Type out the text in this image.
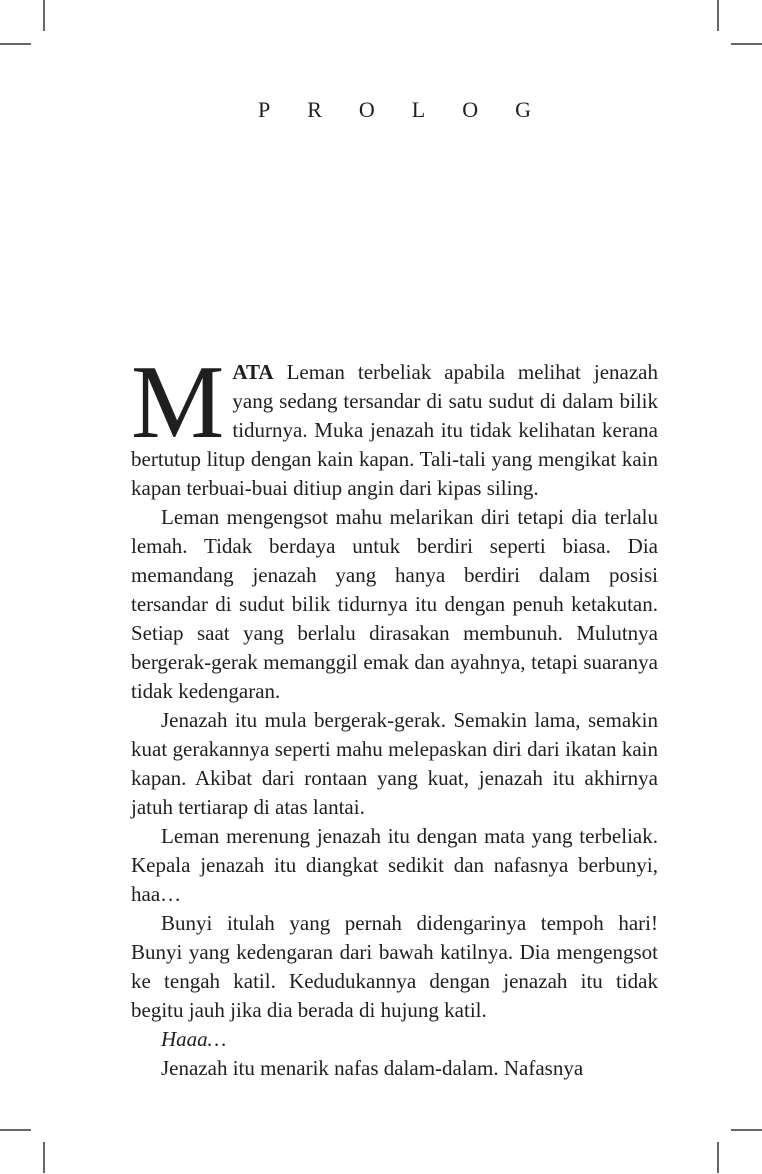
PROLOG

MATA Leman terbeliak apabila melihat jenazah yang sedang tersandar di satu sudut di dalam bilik tidurnya. Muka jenazah itu tidak kelihatan kerana bertutup litup dengan kain kapan. Tali-tali yang mengikat kain kapan terbuai-buai ditiup angin dari kipas siling.

Leman mengengsot mahu melarikan diri tetapi dia terlalu lemah. Tidak berdaya untuk berdiri seperti biasa. Dia memandang jenazah yang hanya berdiri dalam posisi tersandar di sudut bilik tidurnya itu dengan penuh ketakutan. Setiap saat yang berlalu dirasakan membunuh. Mulutnya bergerak-gerak memanggil emak dan ayahnya, tetapi suaranya tidak kedengaran.

Jenazah itu mula bergerak-gerak. Semakin lama, semakin kuat gerakannya seperti mahu melepaskan diri dari ikatan kain kapan. Akibat dari rontaan yang kuat, jenazah itu akhirnya jatuh tertiarap di atas lantai.

Leman merenung jenazah itu dengan mata yang terbeliak. Kepala jenazah itu diangkat sedikit dan nafasnya berbunyi, haa…

Bunyi itulah yang pernah didengarinya tempoh hari! Bunyi yang kedengaran dari bawah katilnya. Dia mengengsot ke tengah katil. Kedudukannya dengan jenazah itu tidak begitu jauh jika dia berada di hujung katil.

Haaa…

Jenazah itu menarik nafas dalam-dalam. Nafasnya
